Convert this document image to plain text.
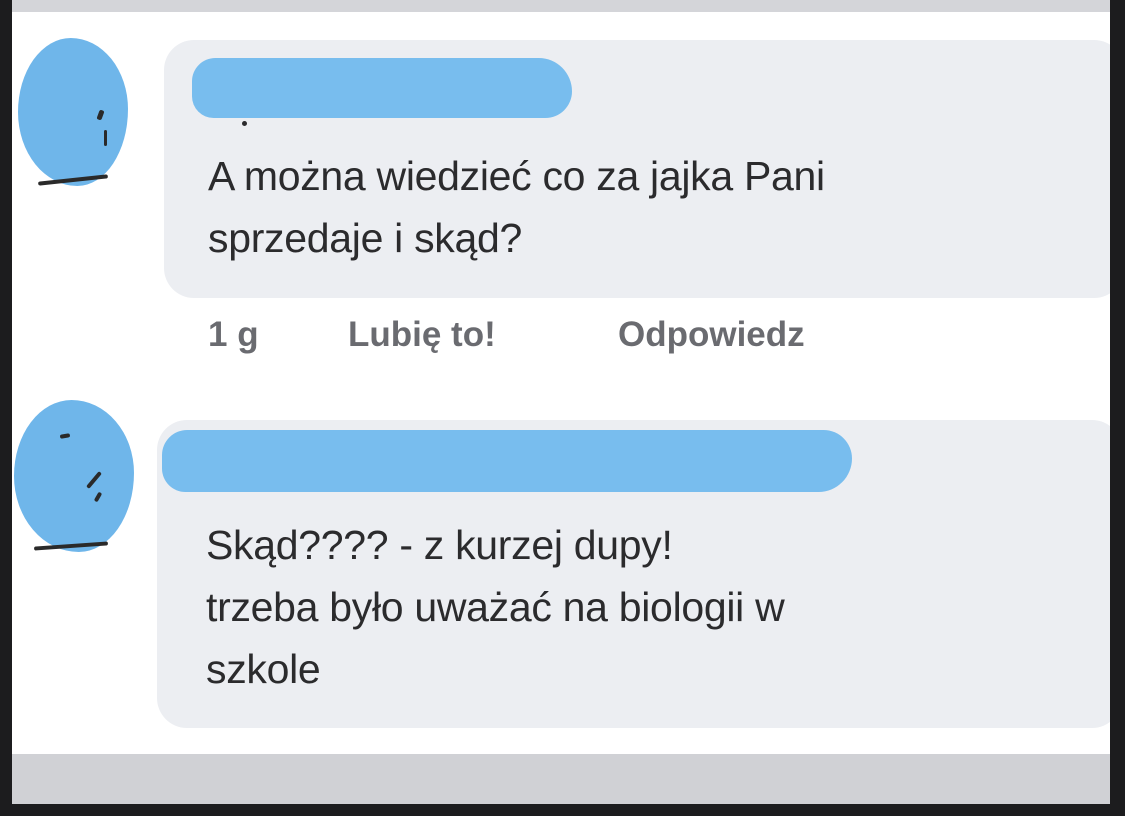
A można wiedzieć co za jajka Pani
sprzedaje i skąd?
1 g	Lubię to!	Odpowiedz
Skąd???? - z kurzej dupy!
trzeba było uważać na biologii w
szkole
